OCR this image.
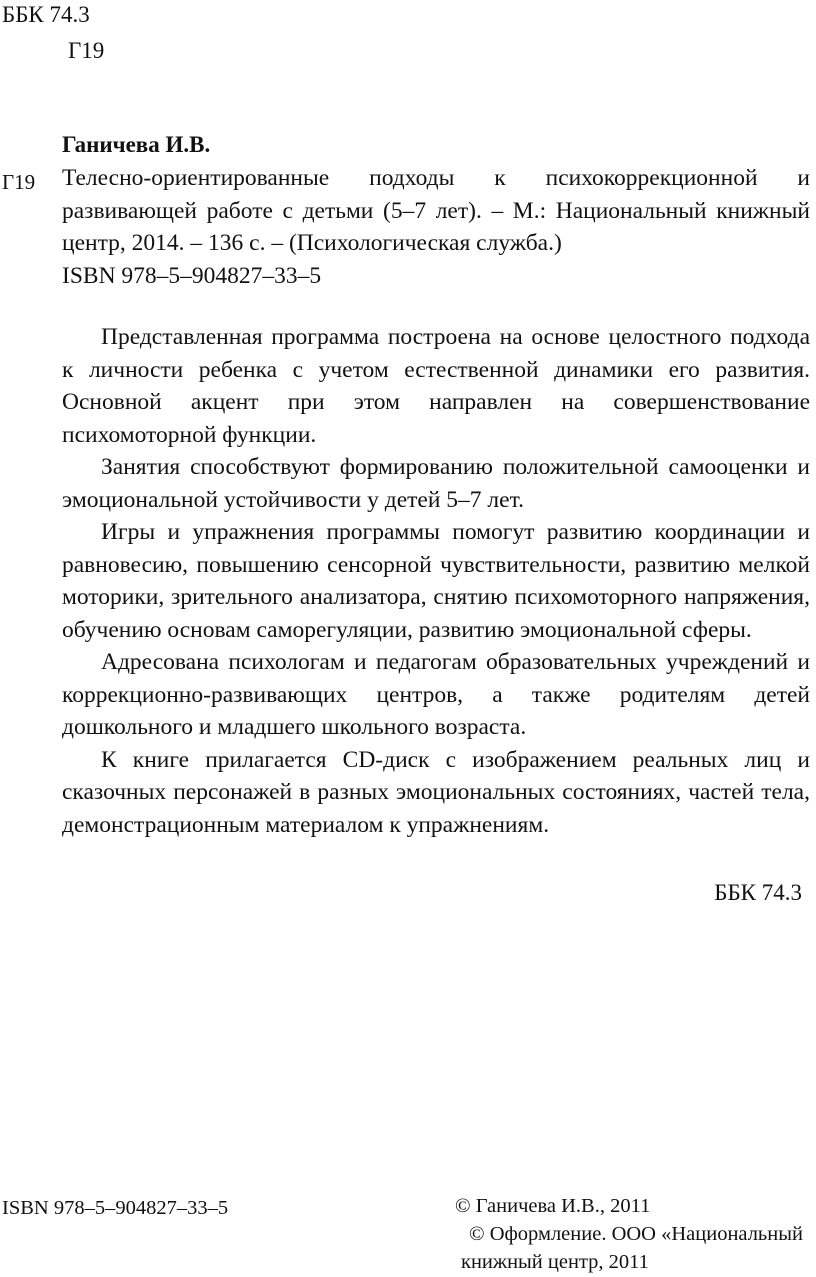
ББК 74.3
Г19
Ганичева И.В.
Г19 Телесно-ориентированные подходы к психокоррекционной и развивающей работе с детьми (5–7 лет). – М.: Национальный книжный центр, 2014. – 136 с. – (Психологическая служба.)

ISBN 978–5–904827–33–5

Представленная программа построена на основе целостного подхода к личности ребенка с учетом естественной динамики его развития. Основной акцент при этом направлен на совершенствование психомоторной функции.

Занятия способствуют формированию положительной самооценки и эмоциональной устойчивости у детей 5–7 лет.

Игры и упражнения программы помогут развитию координации и равновесию, повышению сенсорной чувствительности, развитию мелкой моторики, зрительного анализатора, снятию психомоторного напряжения, обучению основам саморегуляции, развитию эмоциональной сферы.

Адресована психологам и педагогам образовательных учреждений и коррекционно-развивающих центров, а также родителям детей дошкольного и младшего школьного возраста.

К книге прилагается CD-диск с изображением реальных лиц и сказочных персонажей в разных эмоциональных состояниях, частей тела, демонстрационным материалом к упражнениям.

ББК 74.3
ISBN 978–5–904827–33–5	© Ганичева И.В., 2011
© Оформление. ООО «Национальный
книжный центр, 2011
